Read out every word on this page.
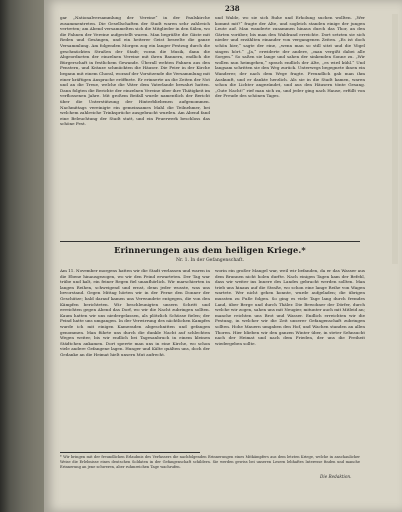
238
gar „Nationalversammlung der Vereine“ in der Paulskirche zusammentreten. Die Gesellschaften der Stadt waren sehr zahlreich vertreten; am Abend versammelten sich die Mitglieder in den Sälen, wo die Fahnen der Vereine aufgestellt waren. Man begrüßte die Gäste mit Reden und Gesängen, und ein heiterer Geist beseelte die ganze Versammlung. Am folgenden Morgen zog ein langer Festzug durch die geschmückten Straßen der Stadt; voran die Musik, dann die Abgeordneten der einzelnen Vereine mit ihren Bannern, endlich die Bürgerschaft in festlichem Gewande. Überall wehten Fahnen aus den Fenstern, und Kränze schmückten die Häuser. Die Feier in der Kirche begann mit einem Choral, worauf der Vorsitzende die Versammlung mit einer kräftigen Ansprache eröffnete. Er erinnerte an die Zeiten der Not und an die Treue, welche die Väter dem Vaterlande bewahrt hatten. Dann folgten die Berichte der einzelnen Vereine über ihre Thätigkeit im verflossenen Jahre. Mit großem Beifall wurde namentlich der Bericht über die Unterstützung der Hinterbliebenen aufgenommen. Nachmittags vereinigte ein gemeinsames Mahl die Teilnehmer, bei welchem zahlreiche Trinksprüche ausgebracht wurden. Am Abend fand eine Beleuchtung der Stadt statt, und ein Feuerwerk beschloss das schöne Fest.
und Walde, wo sie sich Ruhe und Erholung suchen wollten. „Wer kommt mit?“ fragte der Alte, und sogleich standen einige der jungen Leute auf. Man wanderte zusammen hinaus durch das Thor, an den Gärten vorüber, bis man den Waldrand erreichte. Dort setzten sie sich nieder und erzählten einander von vergangenen Zeiten. „Es ist doch schön hier,“ sagte der eine, „wenn man so still sitzt und die Vögel singen hört.“ „Ja,“ erwiderte der andere, „man vergißt dabei alle Sorgen.“ So saßen sie lange und sahen der sinkenden Sonne zu. „Wir wollen nun heimgehen,“ sprach endlich der Alte, „es wird kühl.“ Und langsam schritten sie den Weg zurück. Unterwegs begegnete ihnen ein Wanderer, der nach dem Wege fragte. Freundlich gab man ihm Auskunft, und er dankte herzlich. Als sie in die Stadt kamen, waren schon die Lichter angezündet, und aus den Häusern tönte Gesang. „Gute Nacht!“ rief man sich zu, und jeder ging nach Hause, erfüllt von der Freude des schönen Tages.
Erinnerungen aus dem heiligen Kriege.*
Nr. 1. In der Gefangenschaft.
Am 11. November morgens hatten wir die Stadt verlassen und waren in die Ebene hinausgezogen, wo wir den Feind erwarteten. Der Tag war trübe und kalt, ein feiner Regen fiel unaufhörlich. Wir marschierten in langen Reihen, schweigend und ernst, denn jeder wusste, was uns bevorstand. Gegen Mittag hörten wir in der Ferne den Donner der Geschütze; bald darauf kamen uns Verwundete entgegen, die von den Kämpfen berichteten. Wir beschleunigten unsern Schritt und erreichten gegen Abend das Dorf, wo wir die Nacht zubringen sollten. Kaum hatten wir uns niedergelassen, als plötzlich Schüsse fielen; der Feind hatte uns umgangen. In der Verwirrung des nächtlichen Kampfes wurde ich mit einigen Kameraden abgeschnitten und gefangen genommen. Man führte uns durch die dunkle Nacht auf schlechten Wegen weiter, bis wir endlich bei Tagesanbruch in einem kleinen Städtchen ankamen. Dort sperrte man uns in eine Kirche, wo schon viele andere Gefangene lagen. Hunger und Kälte quälten uns, doch der Gedanke an die Heimat hielt unsern Mut aufrecht.
worin ein großer Mangel war, weil wir befanden, da er das Wasser aus dem Brunnen nicht holen durfte. Nach einigen Tagen kam der Befehl, dass wir weiter ins Innere des Landes gebracht werden sollten. Man trieb uns hinaus auf die Straße, wo schon eine lange Reihe von Wagen wartete. Wer nicht gehen konnte, wurde aufgeladen; die übrigen mussten zu Fuße folgen. So ging es viele Tage lang durch fremdes Land, über Berge und durch Thäler. Die Bewohner der Dörfer, durch welche wir zogen, sahen uns mit Neugier, mitunter auch mit Mitleid an; manche reichten uns Brot und Wasser. Endlich erreichten wir die Festung, in welcher wir die Zeit unserer Gefangenschaft zubringen sollten. Hohe Mauern umgaben den Hof, und Wachen standen an allen Thoren. Hier blieben wir den ganzen Winter über, in steter Sehnsucht nach der Heimat und nach dem Frieden, der uns die Freiheit wiedergeben sollte.
* Wir bringen mit der freundlichen Erlaubnis des Verfassers die nachfolgenden Erinnerungen eines Mitkämpfers aus dem letzten Kriege, welche in anschaulicher Weise die Erlebnisse eines deutschen Soldaten in der Gefangenschaft schildern. Sie werden gewiss bei unseren Lesern lebhaftes Interesse finden und manche Erinnerung an jene schweren, aber ruhmreichen Tage wachrufen.
Die Redaktion.
